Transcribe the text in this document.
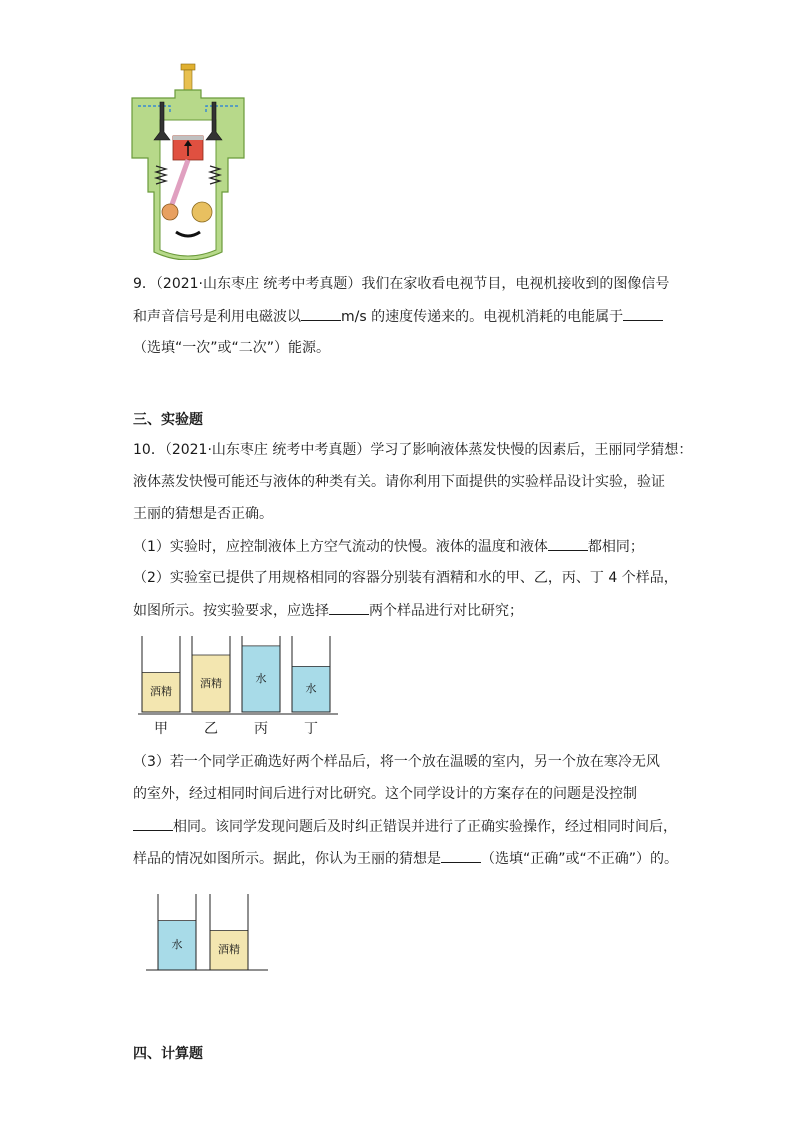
9．（2021·山东枣庄 统考中考真题）我们在家收看电视节目，电视机接收到的图像信号
和声音信号是利用电磁波以	m/s 的速度传递来的。电视机消耗的电能属于
（选填“一次”或“二次”）能源。
三、实验题
10．（2021·山东枣庄 统考中考真题）学习了影响液体蒸发快慢的因素后，王丽同学猜想：
液体蒸发快慢可能还与液体的种类有关。请你利用下面提供的实验样品设计实验，验证
王丽的猜想是否正确。
（1）实验时，应控制液体上方空气流动的快慢。液体的温度和液体	都相同；
（2）实验室已提供了用规格相同的容器分别装有酒精和水的甲、乙，丙、丁 4 个样品，
如图所示。按实验要求，应选择	两个样品进行对比研究；
酒精
酒精	水
水
甲	乙	丙	丁
（3）若一个同学正确选好两个样品后，将一个放在温暖的室内，另一个放在寒冷无风
的室外，经过相同时间后进行对比研究。这个同学设计的方案存在的问题是没控制
相同。该同学发现问题后及时纠正错误并进行了正确实验操作，经过相同时间后，
样品的情况如图所示。据此，你认为王丽的猜想是	（选填“正确”或“不正确”）的。
水	酒精
四、计算题
